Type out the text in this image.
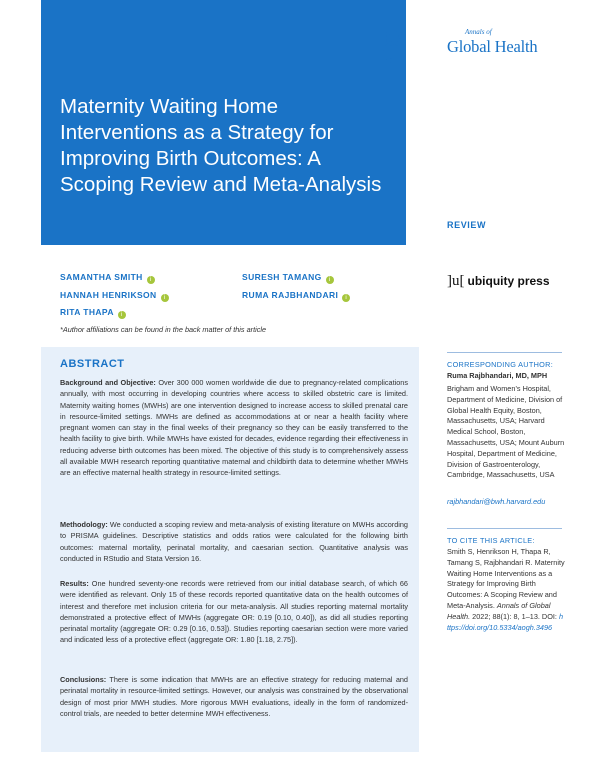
Maternity Waiting Home Interventions as a Strategy for Improving Birth Outcomes: A Scoping Review and Meta-Analysis
Annals of
Global Health
REVIEW
SAMANTHA SMITH i	SURESH TAMANG i
HANNAH HENRIKSON i	RUMA RAJBHANDARI i
RITA THAPA i
*Author affiliations can be found in the back matter of this article
]u[ ubiquity press
ABSTRACT

Background and Objective: Over 300 000 women worldwide die due to pregnancy-related complications annually, with most occurring in developing countries where access to skilled obstetric care is limited. Maternity waiting homes (MWHs) are one intervention designed to increase access to skilled prenatal care in resource-limited settings. MWHs are defined as accommodations at or near a health facility where pregnant women can stay in the final weeks of their pregnancy so they can be easily transferred to the health facility to give birth. While MWHs have existed for decades, evidence regarding their effectiveness in reducing adverse birth outcomes has been mixed. The objective of this study is to comprehensively assess all available MWH research reporting quantitative maternal and childbirth data to determine whether MWHs are an effective maternal health strategy in resource-limited settings.

Methodology: We conducted a scoping review and meta-analysis of existing literature on MWHs according to PRISMA guidelines. Descriptive statistics and odds ratios were calculated for the following birth outcomes: maternal mortality, perinatal mortality, and caesarian section. Quantitative analysis was conducted in RStudio and Stata Version 16.

Results: One hundred seventy-one records were retrieved from our initial database search, of which 66 were identified as relevant. Only 15 of these records reported quantitative data on the health outcomes of interest and therefore met inclusion criteria for our meta-analysis. All studies reporting maternal mortality demonstrated a protective effect of MWHs (aggregate OR: 0.19 [0.10, 0.40]), as did all studies reporting perinatal mortality (aggregate OR: 0.29 [0.16, 0.53]). Studies reporting caesarian section were more varied and indicated less of a protective effect (aggregate OR: 1.80 [1.18, 2.75]).

Conclusions: There is some indication that MWHs are an effective strategy for reducing maternal and perinatal mortality in resource-limited settings. However, our analysis was constrained by the observational design of most prior MWH studies. More rigorous MWH evaluations, ideally in the form of randomized-control trials, are needed to better determine MWH effectiveness.

CORRESPONDING AUTHOR:
Ruma Rajbhandari, MD, MPH
Brigham and Women’s Hospital, Department of Medicine, Division of Global Health Equity, Boston, Massachusetts, USA; Harvard Medical School, Boston, Massachusetts, USA; Mount Auburn Hospital, Department of Medicine, Division of Gastroenterology, Cambridge, Massachusetts, USA
rajbhandari@bwh.harvard.edu
TO CITE THIS ARTICLE:
Smith S, Henrikson H, Thapa R, Tamang S, Rajbhandari R. Maternity Waiting Home Interventions as a Strategy for Improving Birth Outcomes: A Scoping Review and Meta-Analysis. Annals of Global Health. 2022; 88(1): 8, 1–13. DOI: https://doi.org/10.5334/aogh.3496
